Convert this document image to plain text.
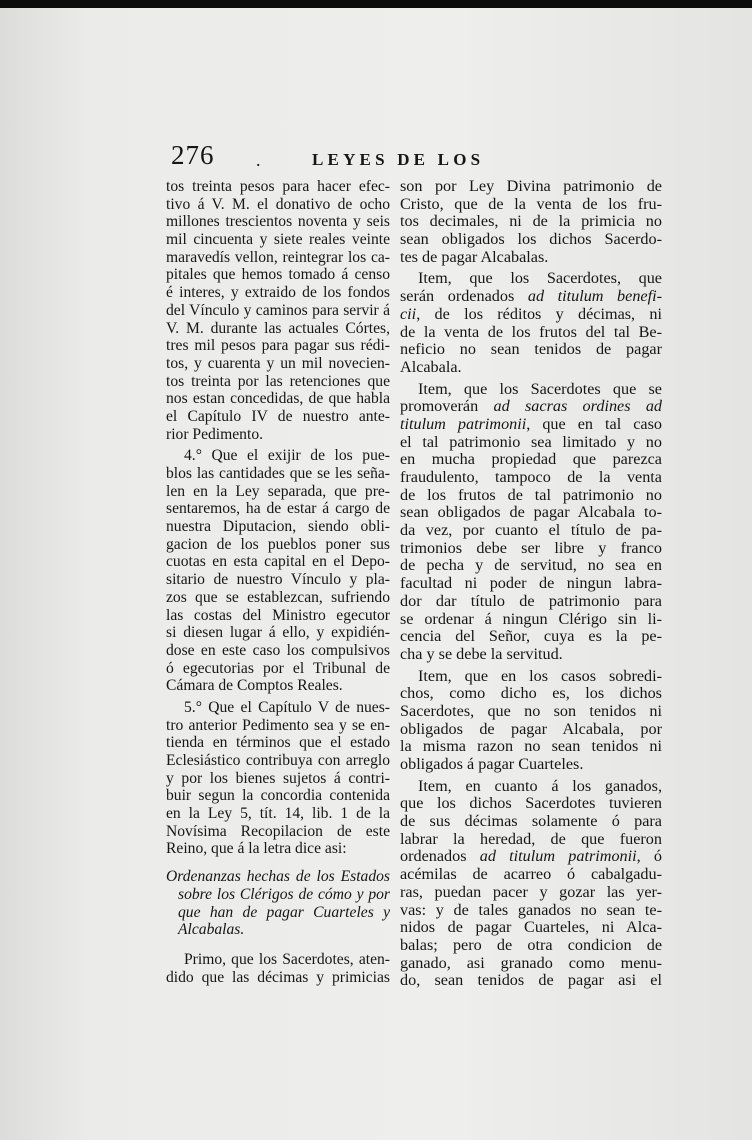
276 .	LEYES DE LOS
tos treinta pesos para hacer efec-
tivo á V. M. el donativo de ocho
millones trescientos noventa y seis
mil cincuenta y siete reales veinte
maravedís vellon, reintegrar los ca-
pitales que hemos tomado á censo
é interes, y extraido de los fondos
del Vínculo y caminos para servir á
V. M. durante las actuales Córtes,
tres mil pesos para pagar sus rédi-
tos, y cuarenta y un mil novecien-
tos treinta por las retenciones que
nos estan concedidas, de que habla
el Capítulo IV de nuestro ante-
rior Pedimento.
4.° Que el exijir de los pue-
blos las cantidades que se les seña-
len en la Ley separada, que pre-
sentaremos, ha de estar á cargo de
nuestra Diputacion, siendo obli-
gacion de los pueblos poner sus
cuotas en esta capital en el Depo-
sitario de nuestro Vínculo y pla-
zos que se establezcan, sufriendo
las costas del Ministro egecutor
si diesen lugar á ello, y expidién-
dose en este caso los compulsivos
ó egecutorias por el Tribunal de
Cámara de Comptos Reales.
5.° Que el Capítulo V de nues-
tro anterior Pedimento sea y se en-
tienda en términos que el estado
Eclesiástico contribuya con arreglo
y por los bienes sujetos á contri-
buir segun la concordia contenida
en la Ley 5, tít. 14, lib. 1 de la
Novísima Recopilacion de este
Reino, que á la letra dice asi:
Ordenanzas hechas de los Estados
sobre los Clérigos de cómo y por
que han de pagar Cuarteles y
Alcabalas.
Primo, que los Sacerdotes, aten-
dido que las décimas y primicias
son por Ley Divina patrimonio de
Cristo, que de la venta de los fru-
tos decimales, ni de la primicia no
sean obligados los dichos Sacerdo-
tes de pagar Alcabalas.
Item, que los Sacerdotes, que
serán ordenados ad titulum benefi-
cii, de los réditos y décimas, ni
de la venta de los frutos del tal Be-
neficio no sean tenidos de pagar
Alcabala.
Item, que los Sacerdotes que se
promoverán ad sacras ordines ad
titulum patrimonii, que en tal caso
el tal patrimonio sea limitado y no
en mucha propiedad que parezca
fraudulento, tampoco de la venta
de los frutos de tal patrimonio no
sean obligados de pagar Alcabala to-
da vez, por cuanto el título de pa-
trimonios debe ser libre y franco
de pecha y de servitud, no sea en
facultad ni poder de ningun labra-
dor dar título de patrimonio para
se ordenar á ningun Clérigo sin li-
cencia del Señor, cuya es la pe-
cha y se debe la servitud.
Item, que en los casos sobredi-
chos, como dicho es, los dichos
Sacerdotes, que no son tenidos ni
obligados de pagar Alcabala, por
la misma razon no sean tenidos ni
obligados á pagar Cuarteles.
Item, en cuanto á los ganados,
que los dichos Sacerdotes tuvieren
de sus décimas solamente ó para
labrar la heredad, de que fueron
ordenados ad titulum patrimonii, ó
acémilas de acarreo ó cabalgadu-
ras, puedan pacer y gozar las yer-
vas: y de tales ganados no sean te-
nidos de pagar Cuarteles, ni Alca-
balas; pero de otra condicion de
ganado, asi granado como menu-
do, sean tenidos de pagar asi el
